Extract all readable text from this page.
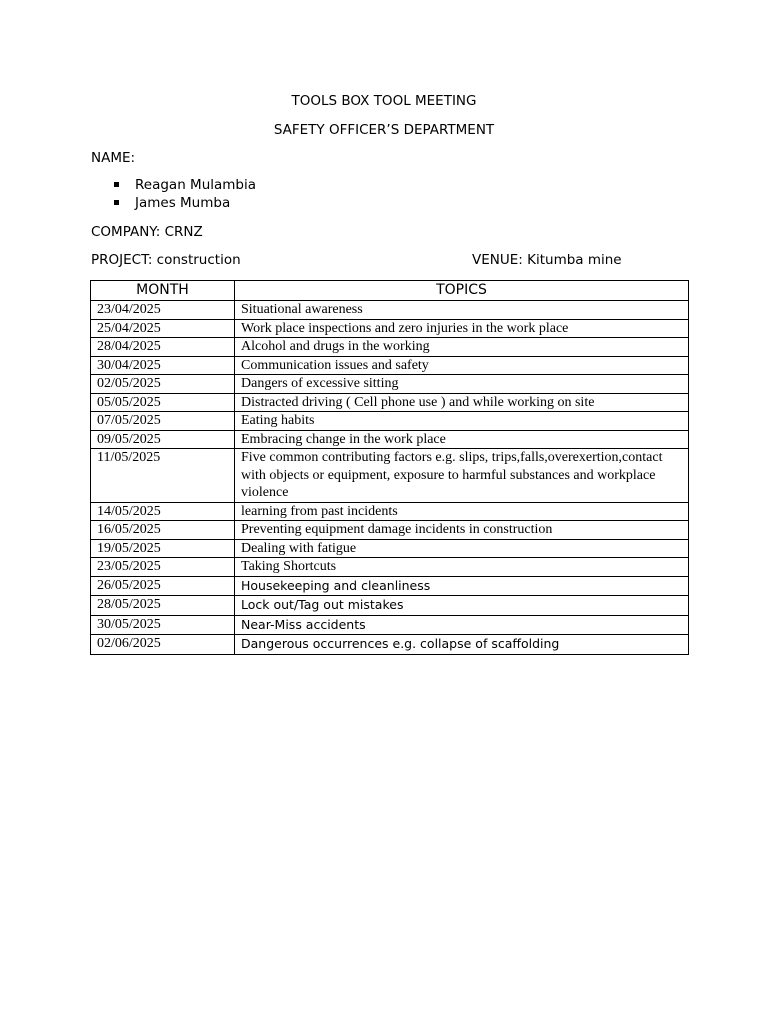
TOOLS BOX TOOL MEETING

SAFETY OFFICER’S DEPARTMENT

NAME:

Reagan Mulambia
James Mumba

COMPANY: CRNZ

PROJECT: construction	VENUE: Kitumba mine

MONTH	TOPICS
23/04/2025	Situational awareness
25/04/2025	Work place inspections and zero injuries in the work place
28/04/2025	Alcohol and drugs in the working
30/04/2025	Communication issues and safety
02/05/2025	Dangers of excessive sitting
05/05/2025	Distracted driving ( Cell phone use ) and while working on site
07/05/2025	Eating habits
09/05/2025	Embracing change in the work place
11/05/2025	Five common contributing factors e.g. slips, trips,falls,overexertion,contact with objects or equipment, exposure to harmful substances and workplace violence
14/05/2025	learning from past incidents
16/05/2025	Preventing equipment damage incidents in construction
19/05/2025	Dealing with fatigue
23/05/2025	Taking Shortcuts
26/05/2025	Housekeeping and cleanliness
28/05/2025	Lock out/Tag out mistakes
30/05/2025	Near-Miss accidents
02/06/2025	Dangerous occurrences e.g. collapse of scaffolding
